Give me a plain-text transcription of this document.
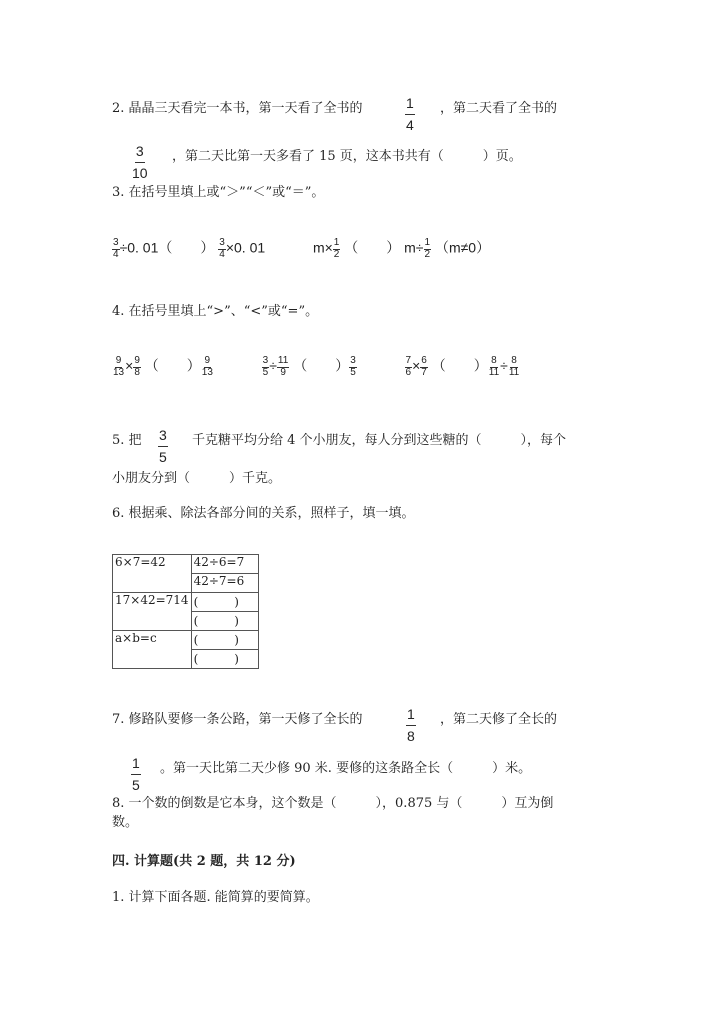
2. 晶晶三天看完一本书，第一天看了全书的	$\frac{1}{4}$ ，第二天看了全书的
$\frac{3}{10}$ ，第二天比第一天多看了 15 页，这本书共有（　　　）页。
3. 在括号里填上或“＞”“＜”或“＝”。
$\frac{3}{4} \div 0$. 01（　　） $\frac{3}{4} \times 0$. 01	$m\times \frac{1}{2}$ （　　） $m\div \frac{1}{2} (m\ne 0)$
4. 在括号里填上“>”、“<”或“=”。
$\frac{9}{13} \times \frac{9}{8}$ （　　） $\frac{9}{13}$
	$\frac{3}{5} \div \frac{11}{9}$ （　　） $\frac{3}{5}$
	$\frac{7}{6} \times \frac{6}{7}$ （　　） $\frac{8}{11} \div \frac{8}{11}$
5. 把 $\frac{3}{5}$ 千克糖平均分给 4 个小朋友，每人分到这些糖的（　　　），每个
小朋友分到（　　　）千克。
6. 根据乘、除法各部分间的关系，照样子，填一填。
6×7=42	42÷6=7
	42÷7=6
17×42=714	(　　　)
	(　　　)
a×b=c	(　　　)
	(　　　)
7. 修路队要修一条公路，第一天修了全长的	$\frac{1}{8}$ ，第二天修了全长的
$\frac{1}{5}$ 。第一天比第二天少修 90 米. 要修的这条路全长（　　　）米。
8. 一个数的倒数是它本身，这个数是（　　　），0.875 与（　　　）互为倒
数。
四. 计算题(共 2 题，共 12 分)
1. 计算下面各题. 能简算的要简算。
